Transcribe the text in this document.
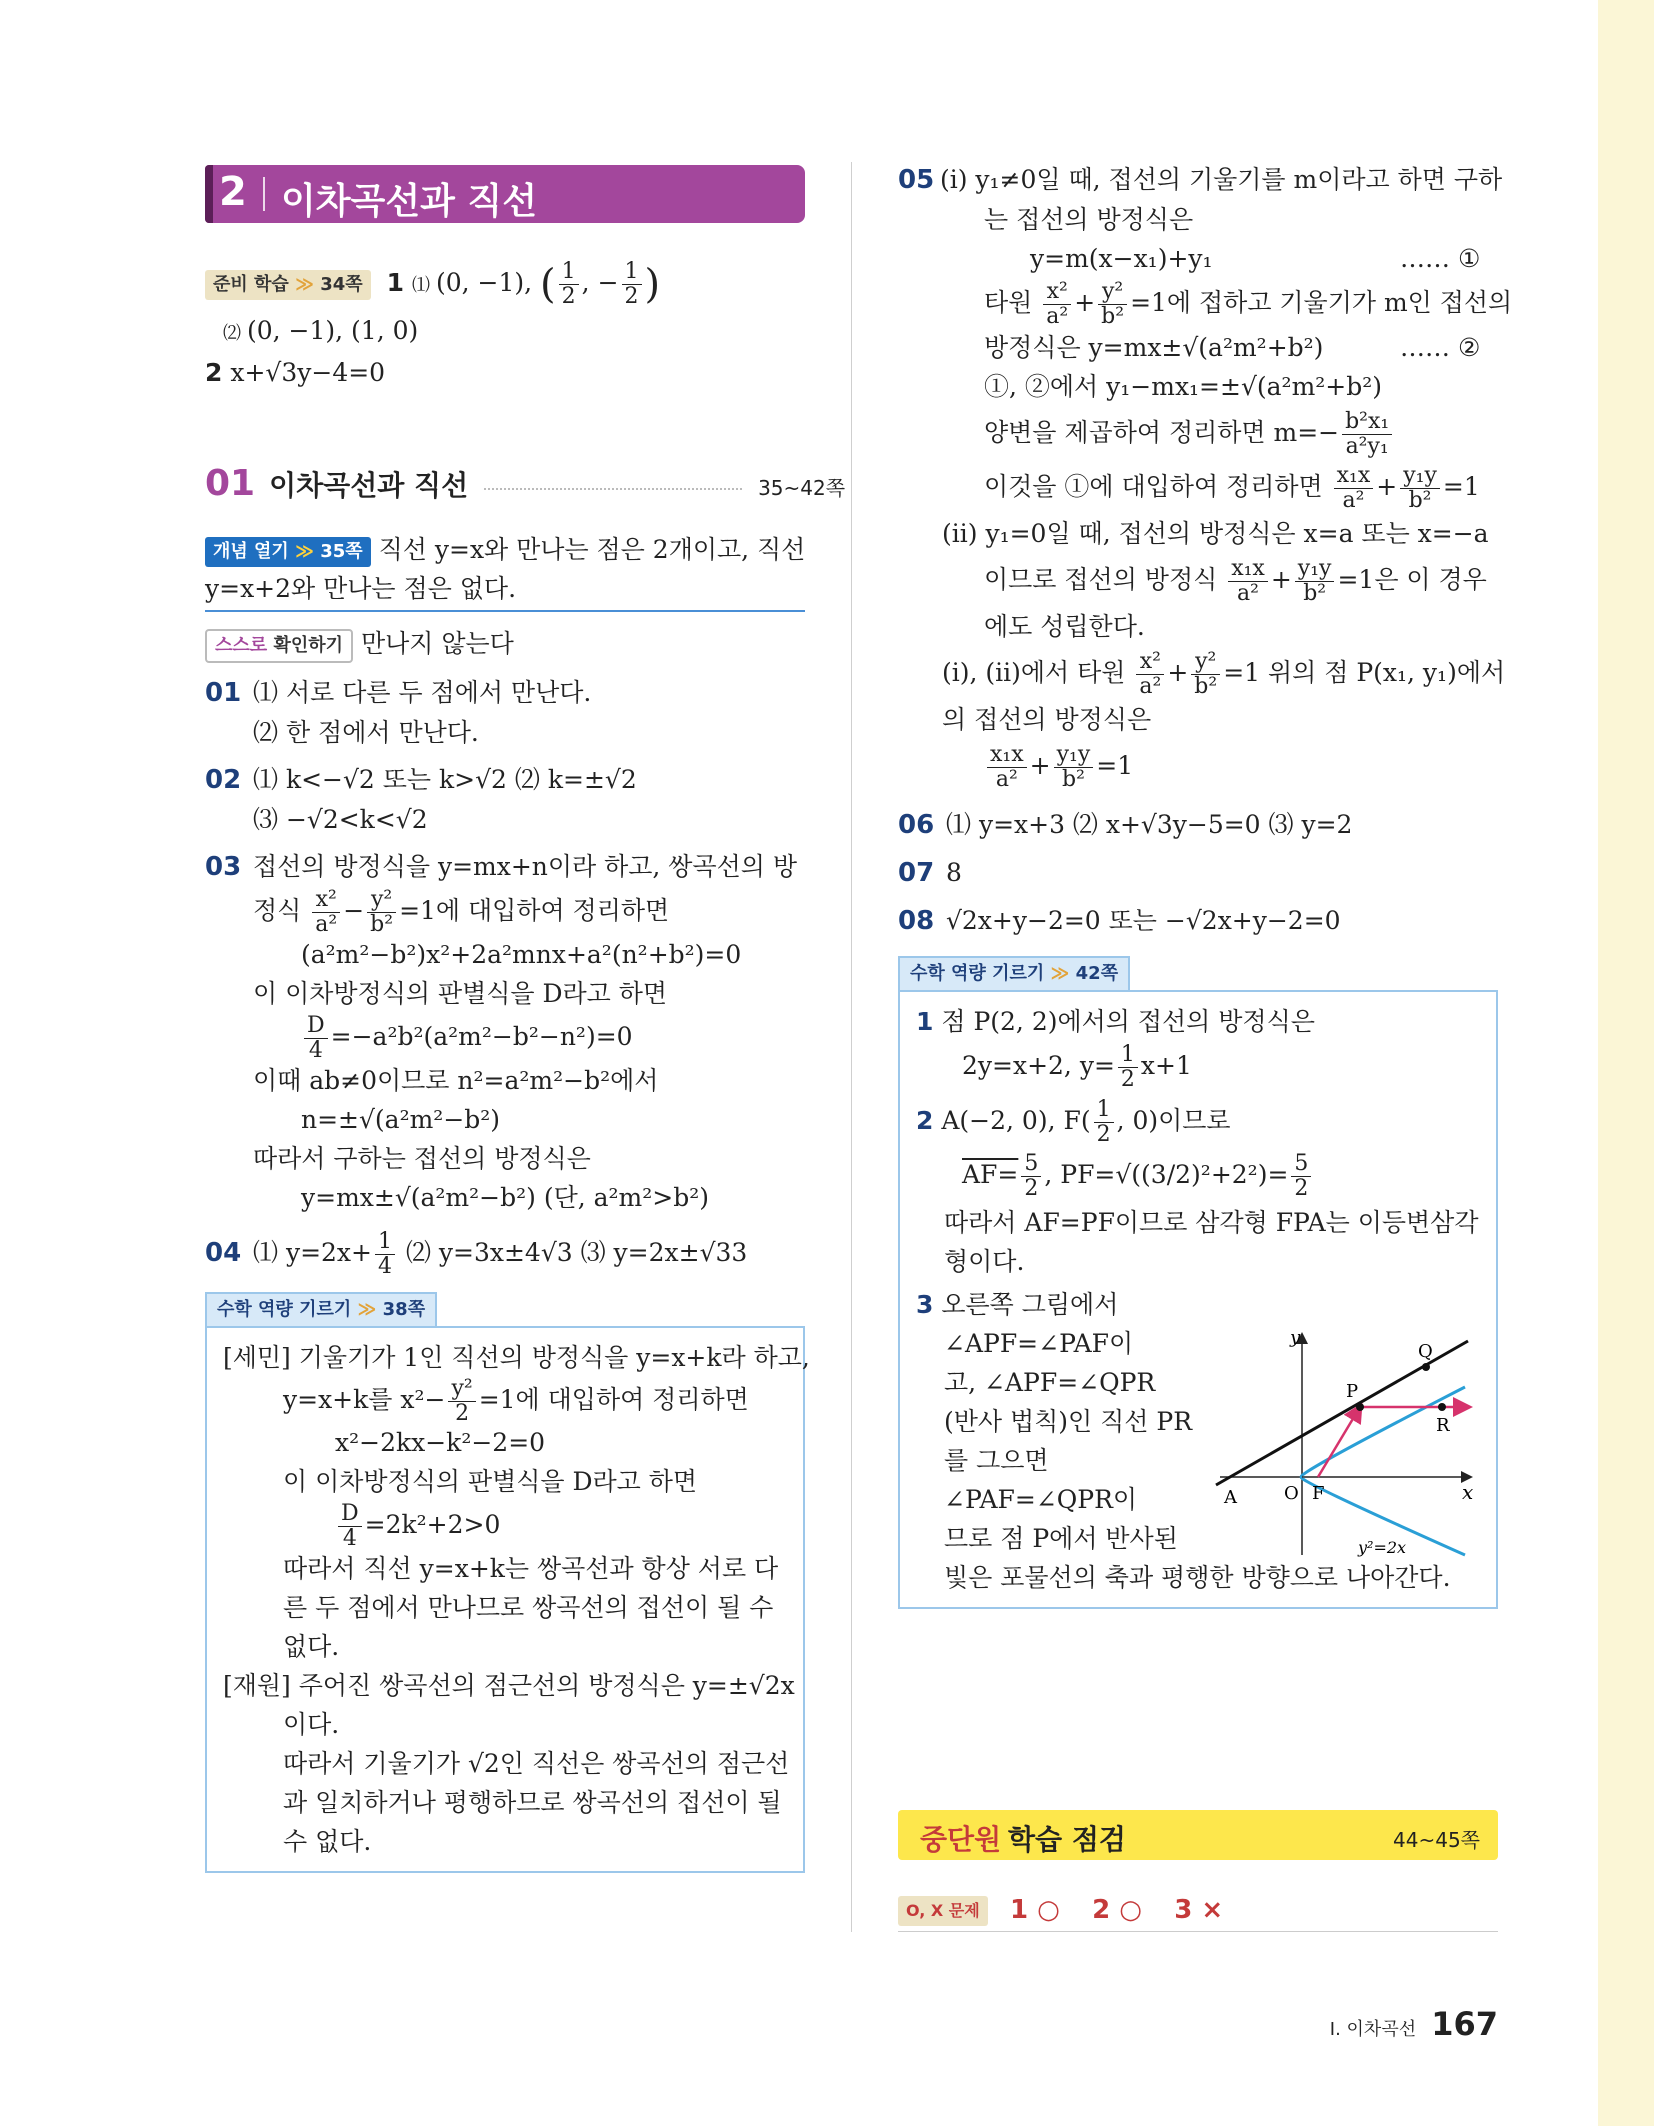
2 이차곡선과 직선
준비 학습 ≫ 34쪽 1 ⑴ (0, −1), ( $\frac{1}{2}$ , − $\frac{1}{2}$ )
⑵ (0, −1), (1, 0)
2 x+√3y−4=0
01 이차곡선과 직선	35~42쪽
개념 열기 ≫ 35쪽 직선 y=x와 만나는 점은 2개이고, 직선
y=x+2와 만나는 점은 없다.
스스로 확인하기 만나지 않는다
01 ⑴ 서로 다른 두 점에서 만난다.
⑵ 한 점에서 만난다.
02 ⑴ k<−√2 또는 k>√2 ⑵ k=±√2
⑶ −√2<k<√2
03 접선의 방정식을 y=mx+n이라 하고, 쌍곡선의 방
정식 $\frac{\text{x²}}{\text{a²}} - \frac{\text{y²}}{\text{b²}} =1$에 대입하여 정리하면
(a²m²−b²)x²+2a²mnx+a²(n²+b²)=0
이 이차방정식의 판별식을 D라고 하면
$\frac{D}{4} =-a^2b^2(a^2m^2-b^2-n^2)=0$
이때 ab≠0이므로 n²=a²m²−b²에서
n=±√(a²m²−b²)
따라서 구하는 접선의 방정식은
y=mx±√(a²m²−b²) (단, a²m²>b²)
04 ⑴ $y=2x+ \frac{1}{4}$ ⑵ y=3x±4√3 ⑶ y=2x±√33
수학 역량 기르기 ≫ 38쪽
[세민] 기울기가 1인 직선의 방정식을 y=x+k라 하고,
y=x+k를 $x^2- \frac{\text{y²}}{2} =1$에 대입하여 정리하면
x²−2kx−k²−2=0
이 이차방정식의 판별식을 D라고 하면
$\frac{D}{4} =2k^2+2>0$
따라서 직선 y=x+k는 쌍곡선과 항상 서로 다
른 두 점에서 만나므로 쌍곡선의 접선이 될 수
없다.
[재원] 주어진 쌍곡선의 점근선의 방정식은 y=±√2x
이다.
따라서 기울기가 √2인 직선은 쌍곡선의 점근선
과 일치하거나 평행하므로 쌍곡선의 접선이 될
수 없다.
05 (ⅰ) y₁≠0일 때, 접선의 기울기를 m이라고 하면 구하
는 접선의 방정식은
y=m(x−x₁)+y₁	…… ①
타원 $\frac{\text{x²}}{\text{a²}} + \frac{\text{y²}}{\text{b²}} =1$에 접하고 기울기가 m인 접선의
방정식은 y=mx±√(a²m²+b²)	…… ②
①, ②에서 y₁−mx₁=±√(a²m²+b²)
양변을 제곱하여 정리하면 $m=- \frac{\text{b²x₁}}{\text{a²y₁}}$
이것을 ①에 대입하여 정리하면 $\frac{\text{x₁x}}{\text{a²}} + \frac{\text{y₁y}}{\text{b²}} =1$
(ⅱ) y₁=0일 때, 접선의 방정식은 x=a 또는 x=−a
이므로 접선의 방정식 $\frac{\text{x₁x}}{\text{a²}} + \frac{\text{y₁y}}{\text{b²}} =1$은 이 경우
에도 성립한다.
(ⅰ), (ⅱ)에서 타원 $\frac{\text{x²}}{\text{a²}} + \frac{\text{y²}}{\text{b²}} =1$ 위의 점 P(x₁, y₁)에서
의 접선의 방정식은
$\frac{\text{x₁x}}{\text{a²}} + \frac{\text{y₁y}}{\text{b²}} =1$
06 ⑴ y=x+3 ⑵ x+√3y−5=0 ⑶ y=2
07 8
08 √2x+y−2=0 또는 −√2x+y−2=0
수학 역량 기르기 ≫ 42쪽
1 점 P(2, 2)에서의 접선의 방정식은
2y=x+2, $y= \frac{1}{2} x+1$
2 A(−2, 0), $F( \frac{1}{2}$ , 0)이므로
$AF= \frac{5}{2}$ , $PF=√((3/2)^2+2^2)= \frac{5}{2}$
따라서 AF=PF이므로 삼각형 FPA는 이등변삼각
형이다.
3 오른쪽 그림에서
∠APF=∠PAF이
고, ∠APF=∠QPR
(반사 법칙)인 직선 PR
를 그으면
∠PAF=∠QPR이
므로 점 P에서 반사된
빛은 포물선의 축과 평행한 방향으로 나아간다.
y
x
Q
P
R
A	O F
y²=2x
중단원 학습 점검	44~45쪽
O, X 문제 1 ○ 2 ○ 3 ×
Ⅰ. 이차곡선 167
